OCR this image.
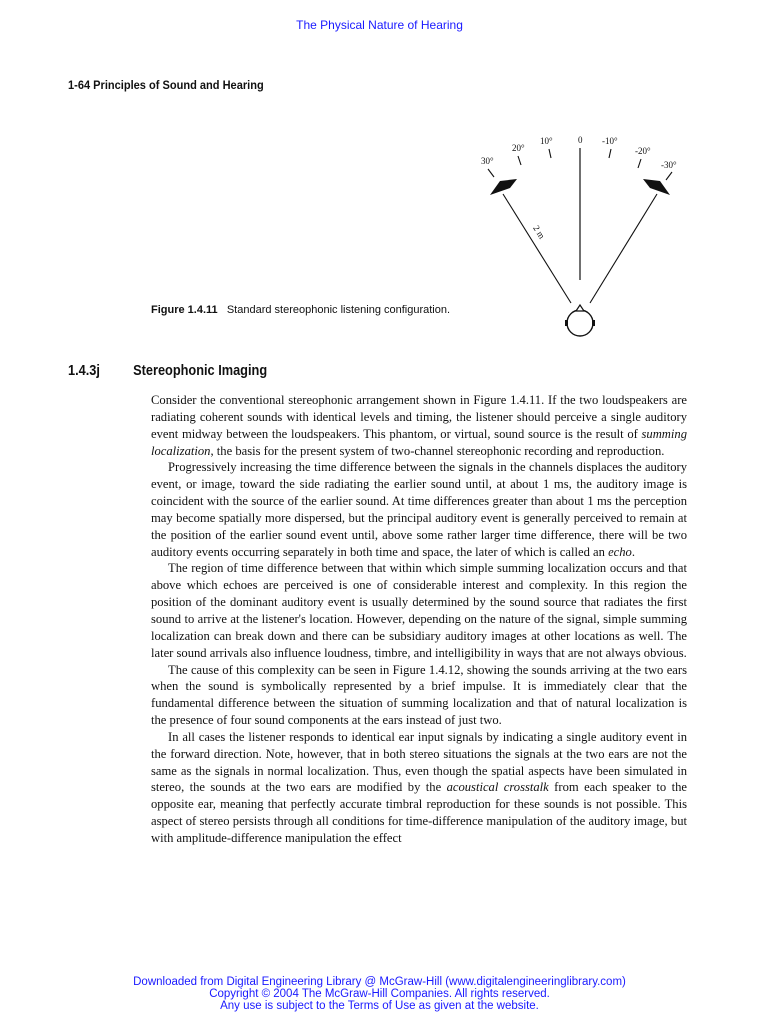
The Physical Nature of Hearing
1-64 Principles of Sound and Hearing
30°
20°
10°	0 -10°
-20°
-30°
2 m
Figure 1.4.11 Standard stereophonic listening configuration.
1.4.3j Stereophonic Imaging

Consider the conventional stereophonic arrangement shown in Figure 1.4.11. If the two loudspeakers are radiating coherent sounds with identical levels and timing, the listener should perceive a single auditory event midway between the loudspeakers. This phantom, or virtual, sound source is the result of summing localization, the basis for the present system of two-channel stereophonic recording and reproduction.

Progressively increasing the time difference between the signals in the channels displaces the auditory event, or image, toward the side radiating the earlier sound until, at about 1 ms, the auditory image is coincident with the source of the earlier sound. At time differences greater than about 1 ms the perception may become spatially more dispersed, but the principal auditory event is generally perceived to remain at the position of the earlier sound event until, above some rather larger time difference, there will be two auditory events occurring separately in both time and space, the later of which is called an echo.

The region of time difference between that within which simple summing localization occurs and that above which echoes are perceived is one of considerable interest and complexity. In this region the position of the dominant auditory event is usually determined by the sound source that radiates the first sound to arrive at the listener's location. However, depending on the nature of the signal, simple summing localization can break down and there can be subsidiary auditory images at other locations as well. The later sound arrivals also influence loudness, timbre, and intelligibility in ways that are not always obvious.

The cause of this complexity can be seen in Figure 1.4.12, showing the sounds arriving at the two ears when the sound is symbolically represented by a brief impulse. It is immediately clear that the fundamental difference between the situation of summing localization and that of natural localization is the presence of four sound components at the ears instead of just two.

In all cases the listener responds to identical ear input signals by indicating a single auditory event in the forward direction. Note, however, that in both stereo situations the signals at the two ears are not the same as the signals in normal localization. Thus, even though the spatial aspects have been simulated in stereo, the sounds at the two ears are modified by the acoustical crosstalk from each speaker to the opposite ear, meaning that perfectly accurate timbral reproduction for these sounds is not possible. This aspect of stereo persists through all conditions for time-difference manipulation of the auditory image, but with amplitude-difference manipulation the effect

Downloaded from Digital Engineering Library @ McGraw-Hill (www.digitalengineeringlibrary.com)
Copyright © 2004 The McGraw-Hill Companies. All rights reserved.
Any use is subject to the Terms of Use as given at the website.
